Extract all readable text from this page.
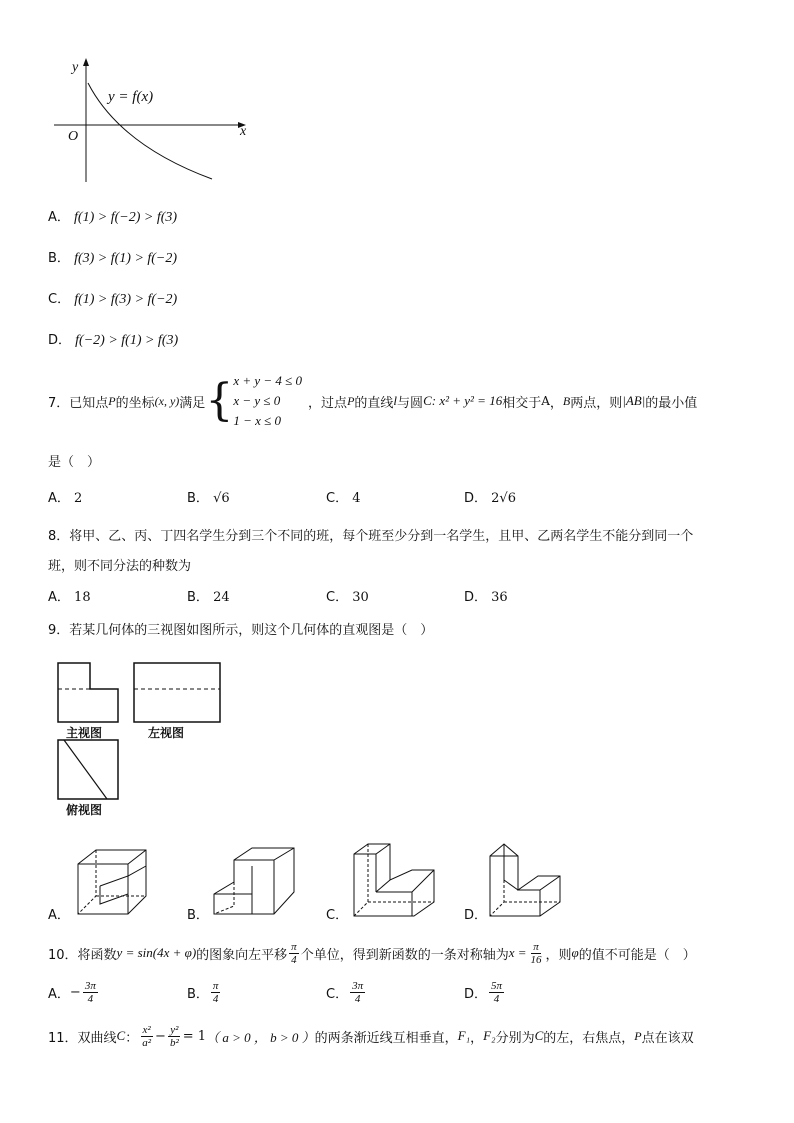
y
x
O
y = f(x)
A． f(1) > f(−2) > f(3)
B． f(3) > f(1) > f(−2)
C． f(1) > f(3) > f(−2)
D． f(−2) > f(1) > f(3)
7．已知点 P 的坐标 (x, y) 满足 { x + y − 4 ≤ 0
x − y ≤ 0
1 − x ≤ 0
，过点 P 的直线 l 与圆 C: x² + y² = 16 相交于 A ， B 两点，则 |AB| 的最小值
是（　）
A． 2	B． √6	C． 4	D． 2√6
8．将甲、乙、丙、丁四名学生分到三个不同的班，每个班至少分到一名学生，且甲、乙两名学生不能分到同一个
班，则不同分法的种数为
A． 18	B． 24	C． 30	D． 36
9．若某几何体的三视图如图所示，则这个几何体的直观图是（　）
主视图	左视图
俯视图
A．	B．	C．	D．
10．将函数 y = sin(4x + φ) 的图象向左平移 $\frac{\pi}{4}$ 个单位，得到新函数的一条对称轴为 $x = \frac{\pi}{16}$ ，则 φ 的值不可能是（　）
A． − $\frac{3\pi}{4}$	B． $\frac{\pi}{4}$	C． $\frac{3\pi}{4}$	D． $\frac{5\pi}{4}$
11．双曲线 C ： $\frac{\text{x²}}{\text{a²}} - \frac{\text{y²}}{\text{b²}} = 1$ （ a > 0 ， b > 0 ） 的两条渐近线互相垂直， F₁ ， F₂ 分别为 C 的左，右焦点， P 点在该双
